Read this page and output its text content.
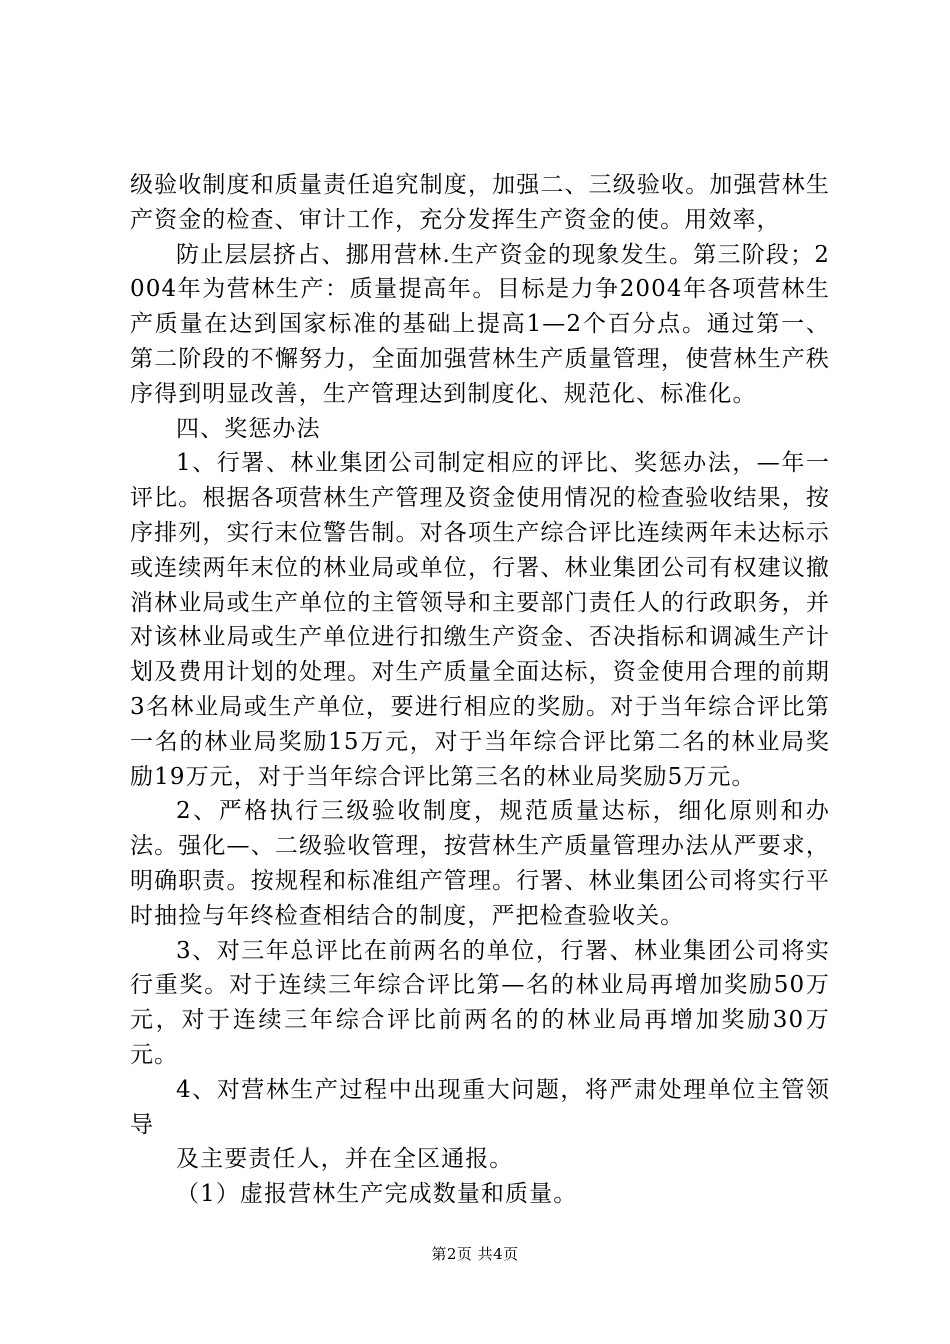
级验收制度和质量责任追究制度，加强二、三级验收。加强营林生产资金的检查、审计工作，充分发挥生产资金的使。用效率，

防止层层挤占、挪用营林.生产资金的现象发生。第三阶段；2004年为营林生产：质量提高年。目标是力争2004年各项营林生产质量在达到国家标准的基础上提高1—2个百分点。通过第一、第二阶段的不懈努力，全面加强营林生产质量管理，使营林生产秩序得到明显改善，生产管理达到制度化、规范化、标准化。

四、奖惩办法

1、行署、林业集团公司制定相应的评比、奖惩办法，—年一评比。根据各项营林生产管理及资金使用情况的检查验收结果，按序排列，实行末位警告制。对各项生产综合评比连续两年未达标示或连续两年末位的林业局或单位，行署、林业集团公司有权建议撤消林业局或生产单位的主管领导和主要部门责任人的行政职务，并对该林业局或生产单位进行扣缴生产资金、否决指标和调减生产计划及费用计划的处理。对生产质量全面达标，资金使用合理的前期3名林业局或生产单位，要进行相应的奖励。对于当年综合评比第一名的林业局奖励15万元，对于当年综合评比第二名的林业局奖励19万元，对于当年综合评比第三名的林业局奖励5万元。

2、严格执行三级验收制度，规范质量达标，细化原则和办法。强化—、二级验收管理，按营林生产质量管理办法从严要求，明确职责。按规程和标准组产管理。行署、林业集团公司将实行平时抽捡与年终检查相结合的制度，严把检查验收关。

3、对三年总评比在前两名的单位，行署、林业集团公司将实行重奖。对于连续三年综合评比第—名的林业局再增加奖励50万元，对于连续三年综合评比前两名的的林业局再增加奖励30万元。

4、对营林生产过程中出现重大问题，将严肃处理单位主管领导

及主要责任人，并在全区通报。

（1）虚报营林生产完成数量和质量。

第2页 共4页
